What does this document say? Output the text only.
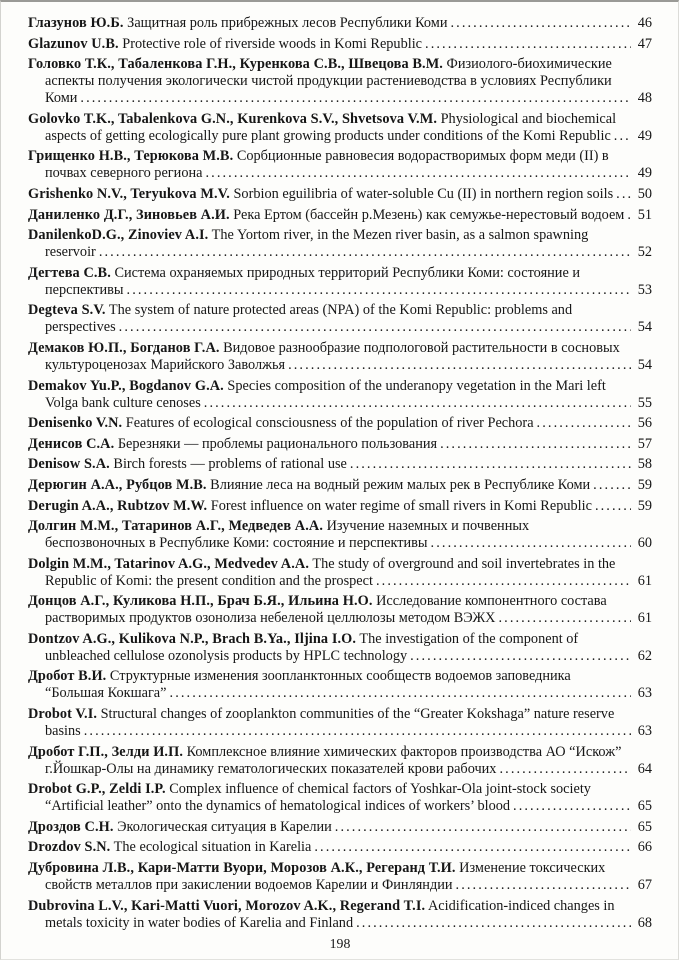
Глазунов Ю.Б. Защитная роль прибрежных лесов Республики Коми .....	46
Glazunov U.B. Protective role of riverside woods in Komi Republic .....	47
Головко Т.К., Табаленкова Г.Н., Куренкова С.В., Швецова В.М. Физиолого-биохимические аспекты получения экологически чистой продукции растениеводства в условиях Республики Коми .....	48
Golovko T.K., Tabalenkova G.N., Kurenkova S.V., Shvetsova V.M. Physiological and biochemical aspects of getting ecologically pure plant growing products under conditions of the Komi Republic .....	49
Грищенко Н.В., Терюкова М.В. Сорбционные равновесия водорастворимых форм меди (II) в почвах северного региона .....	49
Grishenko N.V., Teryukova M.V. Sorbion eguilibria of water-soluble Cu (II) in northern region soils .....	50
Даниленко Д.Г., Зиновьев А.И. Река Ертом (бассейн р.Мезень) как семужье-нерестовый водоем ..... 51
DanilenkoD.G., Zinoviev A.I. The Yortom river, in the Mezen river basin, as a salmon spawning reservoir .....	52
Дегтева С.В. Система охраняемых природных территорий Республики Коми: состояние и перспективы .....	53
Degteva S.V. The system of nature protected areas (NPA) of the Komi Republic: problems and perspectives .....	54
Демаков Ю.П., Богданов Г.А. Видовое разнообразие подпологовой растительности в сосновых культуроценозах Марийского Заволжья .....	54
Demakov Yu.P., Bogdanov G.A. Species composition of the underanopy vegetation in the Mari left Volga bank culture cenoses .....	55
Denisenko V.N. Features of ecological consciousness of the population of river Pechora .....	56
Денисов С.А. Березняки — проблемы рационального пользования .....	57
Denisow S.A. Birch forests — problems of rational use .....	58
Дерюгин А.А., Рубцов М.В. Влияние леса на водный режим малых рек в Республике Коми .....	59
Derugin A.A., Rubtzov M.W. Forest influence on water regime of small rivers in Komi Republic .....	59
Долгин М.М., Татаринов А.Г., Медведев А.А. Изучение наземных и почвенных беспозвоночных в Республике Коми: состояние и перспективы .....	60
Dolgin M.M., Tatarinov A.G., Medvedev A.A. The study of overground and soil invertebrates in the Republic of Komi: the present condition and the prospect .....	61
Донцов А.Г., Куликова Н.П., Брач Б.Я., Ильина Н.О. Исследование компонентного состава растворимых продуктов озонолиза небеленой целлюлозы методом ВЭЖХ .....	61
Dontzov A.G., Kulikova N.P., Brach B.Ya., Iljina I.O. The investigation of the component of unbleached cellulose ozonolysis products by HPLC technology .....	62
Дробот В.И. Структурные изменения зоопланктонных сообществ водоемов заповедника “Большая Кокшага” .....	63
Drobot V.I. Structural changes of zooplankton communities of the “Greater Kokshaga” nature reserve basins .....	63
Дробот Г.П., Зелди И.П. Комплексное влияние химических факторов производства АО “Искож” г.Йошкар-Олы на динамику гематологических показателей крови рабочих .....	64
Drobot G.P., Zeldi I.P. Complex influence of chemical factors of Yoshkar-Ola joint-stock society “Artificial leather” onto the dynamics of hematological indices of workers’ blood .....	65
Дроздов С.Н. Экологическая ситуация в Карелии .....	65
Drozdov S.N. The ecological situation in Karelia .....	66
Дубровина Л.В., Кари-Матти Вуори, Морозов А.К., Регеранд Т.И. Изменение токсических свойств металлов при закислении водоемов Карелии и Финляндии .....	67
Dubrovina L.V., Kari-Matti Vuori, Morozov A.K., Regerand T.I. Acidification-indiced changes in metals toxicity in water bodies of Karelia and Finland .....	68
198
